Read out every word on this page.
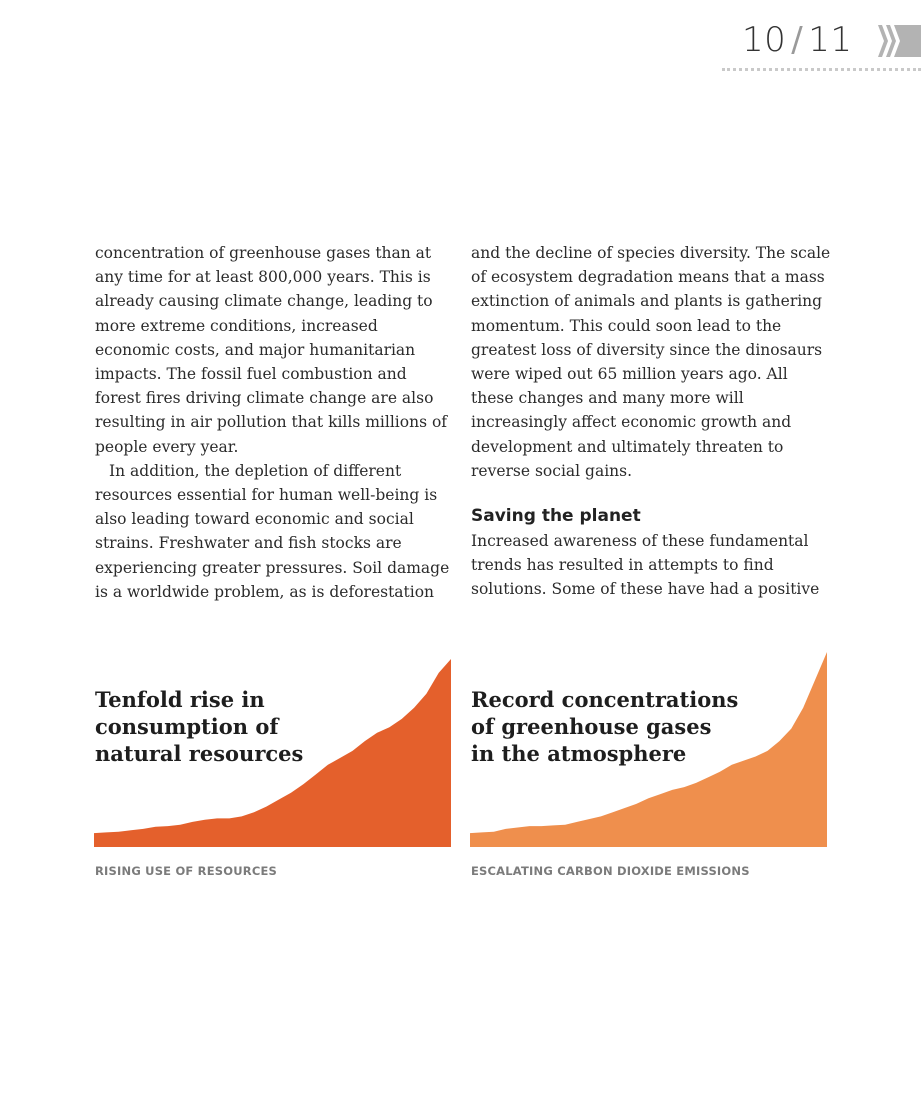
10 / 11

concentration of greenhouse gases than at any time for at least 800,000 years. This is already causing climate change, leading to more extreme conditions, increased economic costs, and major humanitarian impacts. The fossil fuel combustion and forest fires driving climate change are also resulting in air pollution that kills millions of people every year.

In addition, the depletion of different resources essential for human well-being is also leading toward economic and social strains. Freshwater and fish stocks are experiencing greater pressures. Soil damage is a worldwide problem, as is deforestation

and the decline of species diversity. The scale of ecosystem degradation means that a mass extinction of animals and plants is gathering momentum. This could soon lead to the greatest loss of diversity since the dinosaurs were wiped out 65 million years ago. All these changes and many more will increasingly affect economic growth and development and ultimately threaten to reverse social gains.

Saving the planet

Increased awareness of these fundamental trends has resulted in attempts to find solutions. Some of these have had a positive

Tenfold rise in
consumption of
natural resources
Record concentrations
of greenhouse gases
in the atmosphere
RISING USE OF RESOURCES	ESCALATING CARBON DIOXIDE EMISSIONS
